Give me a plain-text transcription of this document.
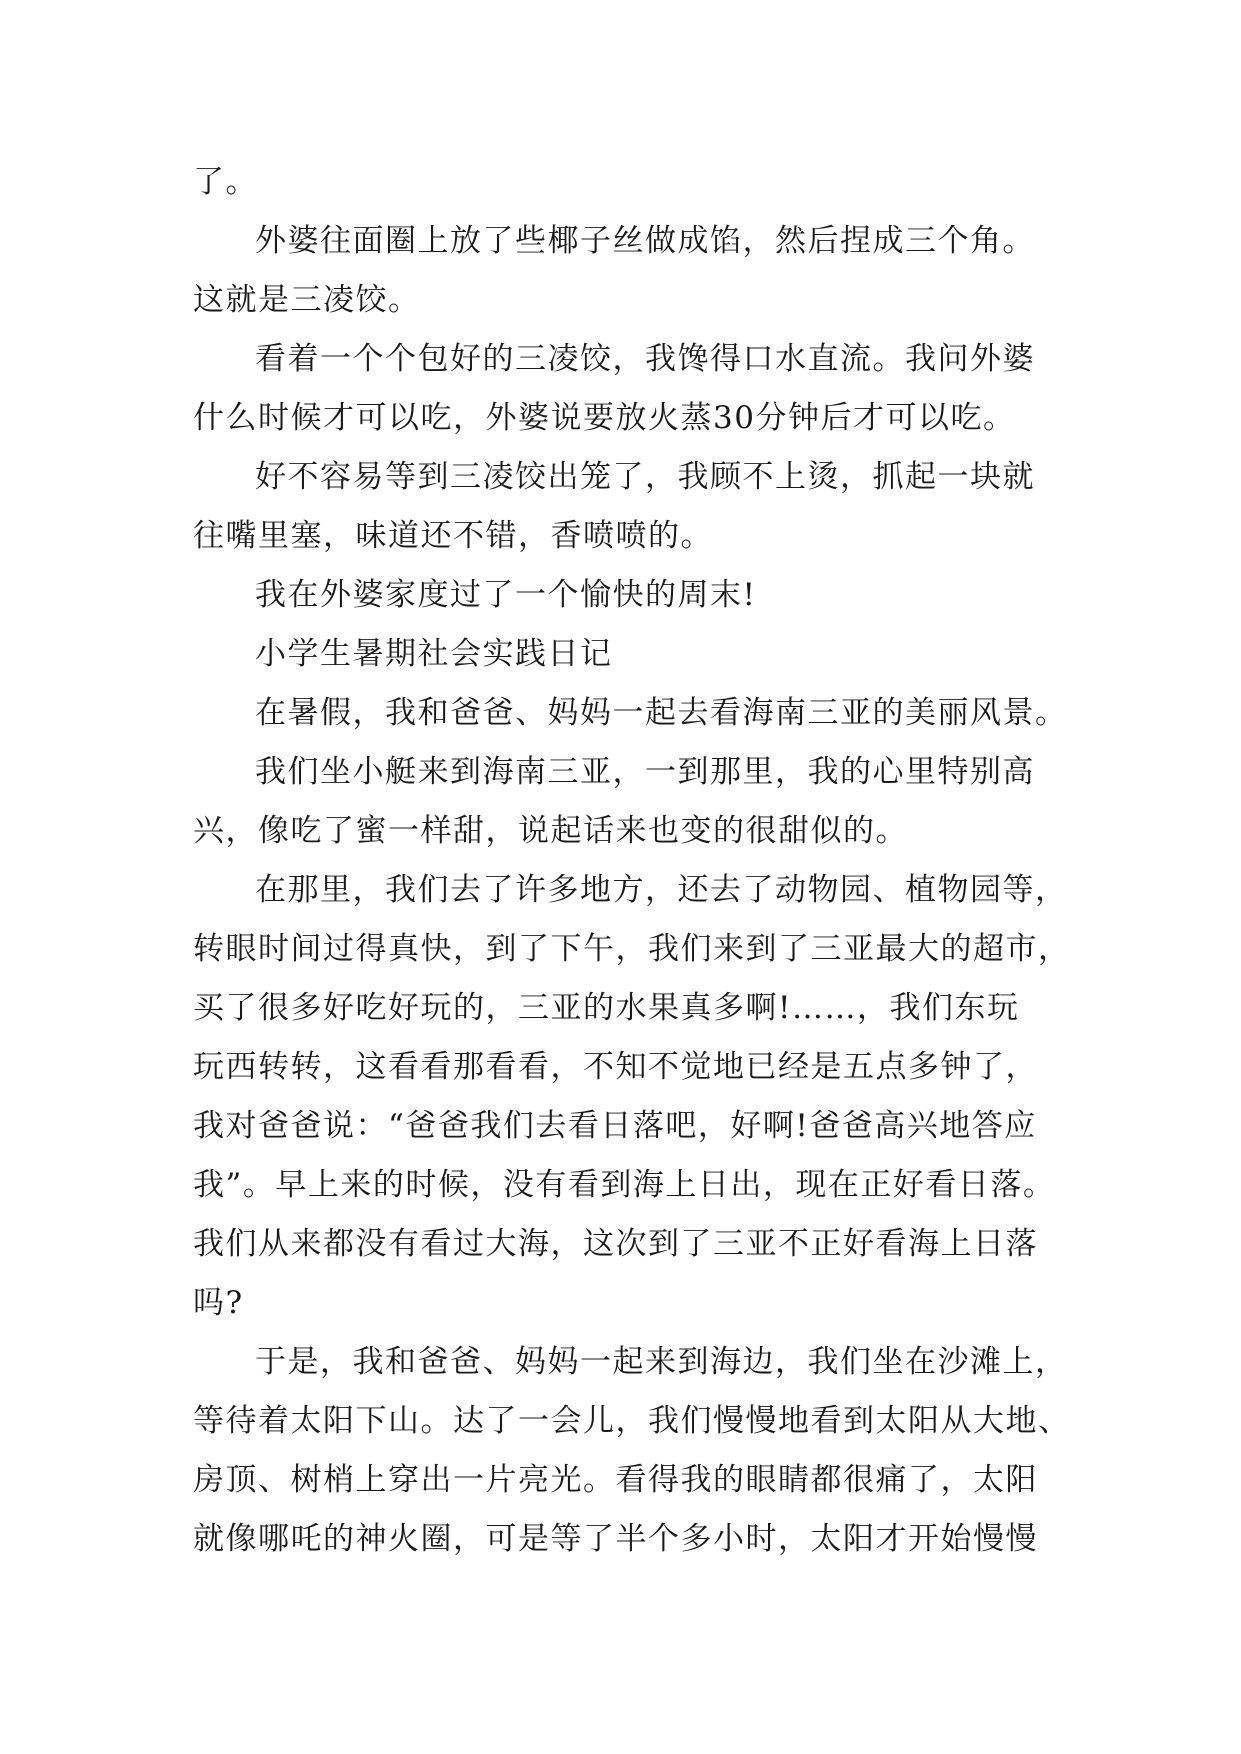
了。
外婆往面圈上放了些椰子丝做成馅，然后捏成三个角。
这就是三凌饺。
看着一个个包好的三凌饺，我馋得口水直流。我问外婆
什么时候才可以吃，外婆说要放火蒸30分钟后才可以吃。
好不容易等到三凌饺出笼了，我顾不上烫，抓起一块就
往嘴里塞，味道还不错，香喷喷的。
我在外婆家度过了一个愉快的周末!
小学生暑期社会实践日记
在暑假，我和爸爸、妈妈一起去看海南三亚的美丽风景。
我们坐小艇来到海南三亚，一到那里，我的心里特别高
兴，像吃了蜜一样甜，说起话来也变的很甜似的。
在那里，我们去了许多地方，还去了动物园、植物园等，
转眼时间过得真快，到了下午，我们来到了三亚最大的超市，
买了很多好吃好玩的，三亚的水果真多啊!……，我们东玩
玩西转转，这看看那看看，不知不觉地已经是五点多钟了，
我对爸爸说：“爸爸我们去看日落吧，好啊!爸爸高兴地答应
我”。早上来的时候，没有看到海上日出，现在正好看日落。
我们从来都没有看过大海，这次到了三亚不正好看海上日落
吗?
于是，我和爸爸、妈妈一起来到海边，我们坐在沙滩上，
等待着太阳下山。达了一会儿，我们慢慢地看到太阳从大地、
房顶、树梢上穿出一片亮光。看得我的眼睛都很痛了，太阳
就像哪吒的神火圈，可是等了半个多小时，太阳才开始慢慢
